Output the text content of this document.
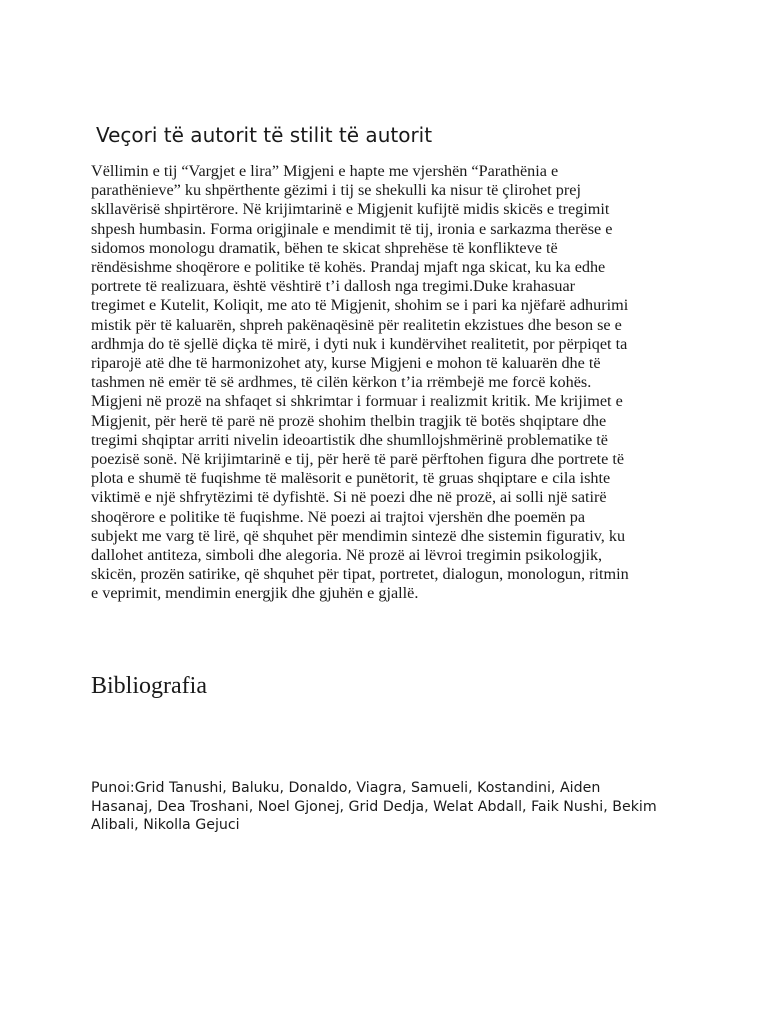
Veçori të autorit të stilit të autorit

Vëllimin e tij “Vargjet e lira” Migjeni e hapte me vjershën “Parathënia e
parathënieve” ku shpërthente gëzimi i tij se shekulli ka nisur të çlirohet prej
skllavërisë shpirtërore. Në krijimtarinë e Migjenit kufijtë midis skicës e tregimit
shpesh humbasin. Forma origjinale e mendimit të tij, ironia e sarkazma therëse e
sidomos monologu dramatik, bëhen te skicat shprehëse të konflikteve të
rëndësishme shoqërore e politike të kohës. Prandaj mjaft nga skicat, ku ka edhe
portrete të realizuara, është vështirë t’i dallosh nga tregimi.Duke krahasuar
tregimet e Kutelit, Koliqit, me ato të Migjenit, shohim se i pari ka njëfarë adhurimi
mistik për të kaluarën, shpreh pakënaqësinë për realitetin ekzistues dhe beson se e
ardhmja do të sjellë diçka të mirë, i dyti nuk i kundërvihet realitetit, por përpiqet ta
riparojë atë dhe të harmonizohet aty, kurse Migjeni e mohon të kaluarën dhe të
tashmen në emër të së ardhmes, të cilën kërkon t’ia rrëmbejë me forcë kohës.
Migjeni në prozë na shfaqet si shkrimtar i formuar i realizmit kritik. Me krijimet e
Migjenit, për herë të parë në prozë shohim thelbin tragjik të botës shqiptare dhe
tregimi shqiptar arriti nivelin ideoartistik dhe shumllojshmërinë problematike të
poezisë sonë. Në krijimtarinë e tij, për herë të parë përftohen figura dhe portrete të
plota e shumë të fuqishme të malësorit e punëtorit, të gruas shqiptare e cila ishte
viktimë e një shfrytëzimi të dyfishtë. Si në poezi dhe në prozë, ai solli një satirë
shoqërore e politike të fuqishme. Në poezi ai trajtoi vjershën dhe poemën pa
subjekt me varg të lirë, që shquhet për mendimin sintezë dhe sistemin figurativ, ku
dallohet antiteza, simboli dhe alegoria. Në prozë ai lëvroi tregimin psikologjik,
skicën, prozën satirike, që shquhet për tipat, portretet, dialogun, monologun, ritmin
e veprimit, mendimin energjik dhe gjuhën e gjallë.

Bibliografia

Punoi:Grid Tanushi, Baluku, Donaldo, Viagra, Samueli, Kostandini, Aiden
Hasanaj, Dea Troshani, Noel Gjonej, Grid Dedja, Welat Abdall, Faik Nushi, Bekim
Alibali, Nikolla Gejuci
